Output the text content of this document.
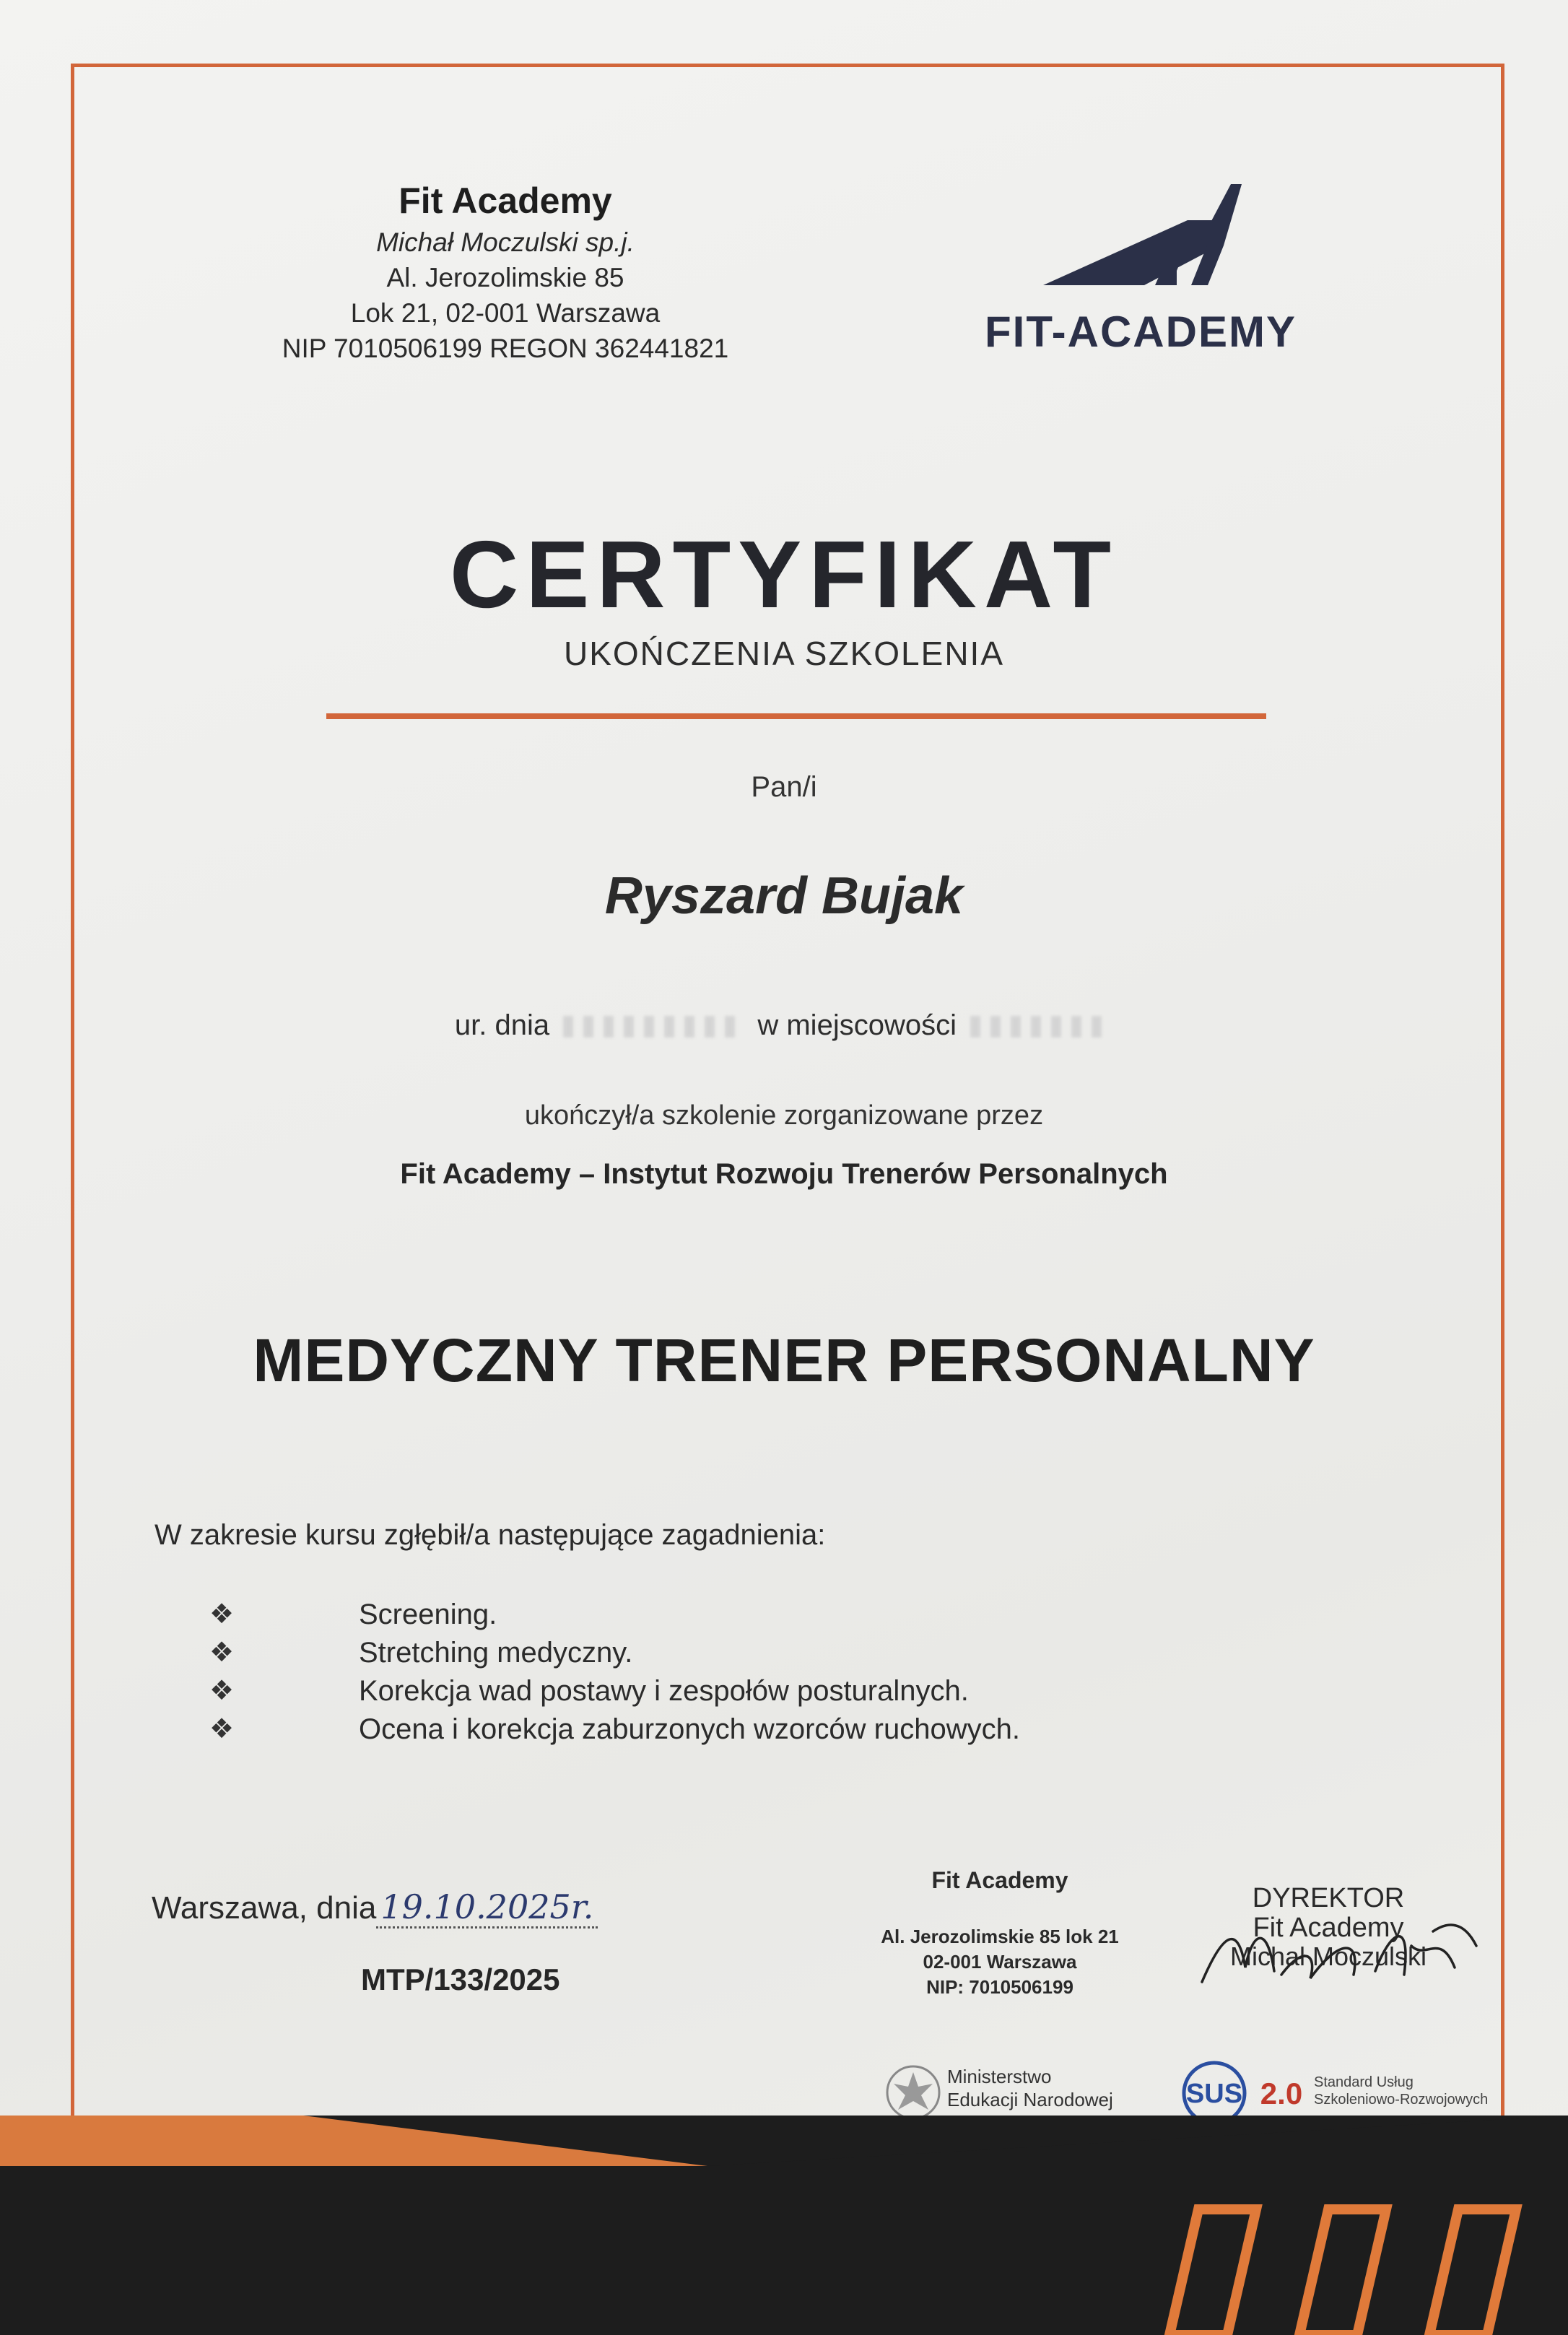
Fit Academy
Michał Moczulski sp.j.
Al. Jerozolimskie 85
Lok 21, 02-001 Warszawa
NIP 7010506199 REGON 362441821	FIT-ACADEMY
CERTYFIKAT
UKOŃCZENIA SZKOLENIA
Pan/i
Ryszard Bujak
ur. dnia	w miejscowości
ukończył/a szkolenie zorganizowane przez
Fit Academy – Instytut Rozwoju Trenerów Personalnych
MEDYCZNY TRENER PERSONALNY
W zakresie kursu zgłębił/a następujące zagadnienia:
❖	Screening.
❖	Stretching medyczny.
❖	Korekcja wad postawy i zespołów posturalnych.
❖	Ocena i korekcja zaburzonych wzorców ruchowych.
Warszawa, dnia 19.10.2025r.
MTP/133/2025
Fit Academy
Al. Jerozolimskie 85 lok 21
02-001 Warszawa
NIP: 7010506199
DYREKTOR
Fit Academy
Michał Moczulski
Ministerstwo
Edukacji Narodowej	SUS 2.0 Standard Usług
Szkoleniowo-Rozwojowych
